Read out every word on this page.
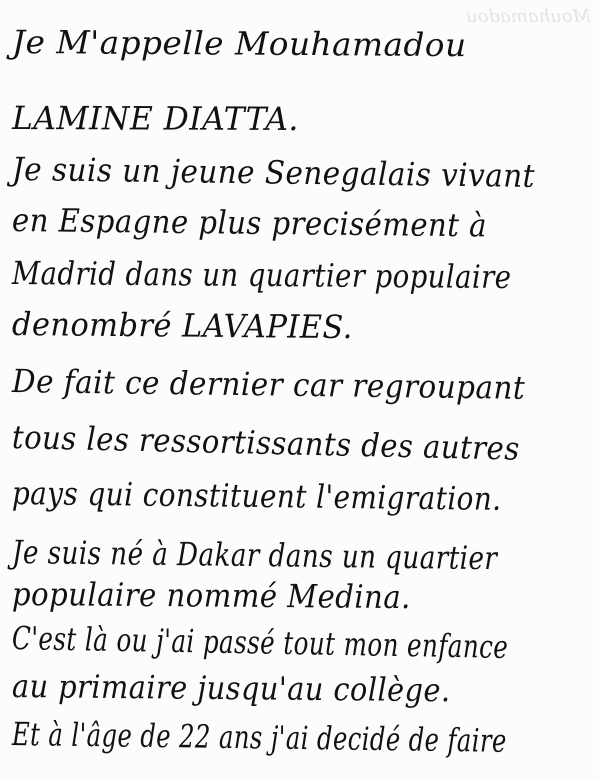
Mouhamadou
Je M'appelle Mouhamadou
LAMINE DIATTA.
Je suis un jeune Senegalais vivant
en Espagne plus precisément à
Madrid dans un quartier populaire
denombré LAVAPIES.
De fait ce dernier car regroupant
tous les ressortissants des autres
pays qui constituent l'emigration.
Je suis né à Dakar dans un quartier
populaire nommé Medina.
C'est là ou j'ai passé tout mon enfance
au primaire jusqu'au collège.
Et à l'âge de 22 ans j'ai decidé de faire
